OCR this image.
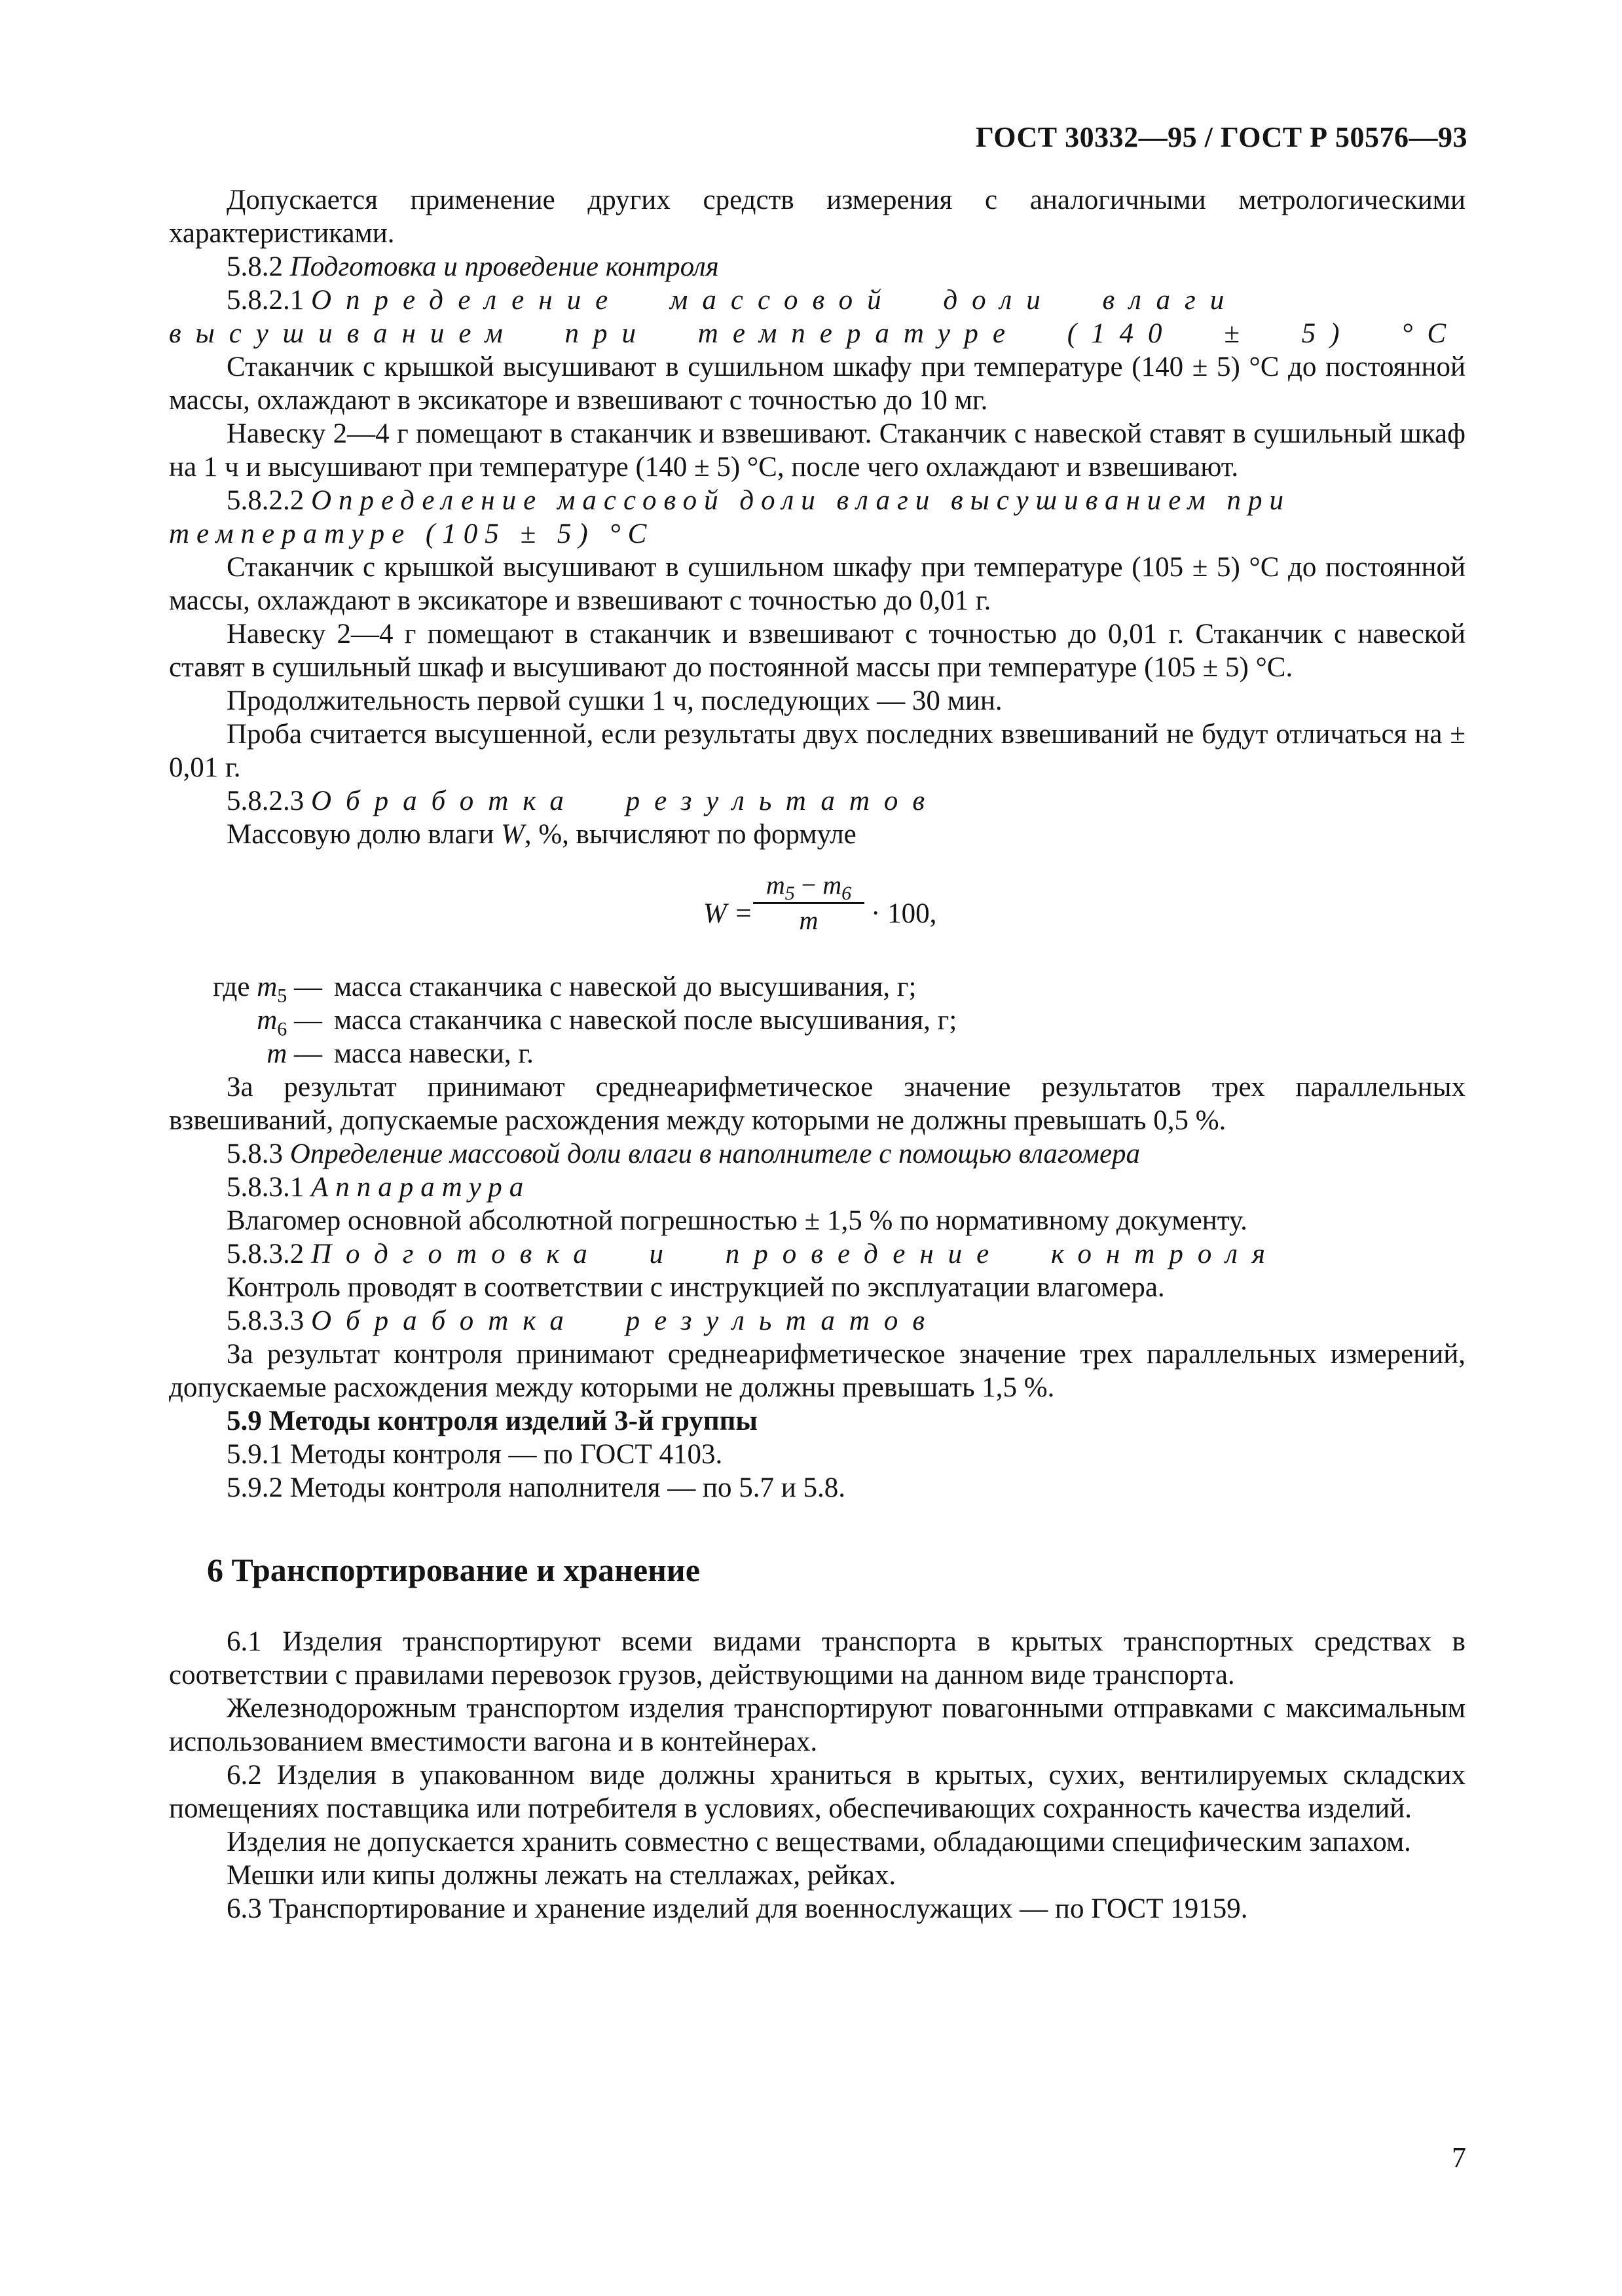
ГОСТ 30332—95 / ГОСТ Р 50576—93

Допускается применение других средств измерения с аналогичными метрологическими характеристиками.

5.8.2 Подготовка и проведение контроля

5.8.2.1 Определение массовой доли влаги высушиванием при температуре (140 ± 5) °С

Стаканчик с крышкой высушивают в сушильном шкафу при температуре (140 ± 5) °С до постоянной массы, охлаждают в эксикаторе и взвешивают с точностью до 10 мг.

Навеску 2—4 г помещают в стаканчик и взвешивают. Стаканчик с навеской ставят в сушильный шкаф на 1 ч и высушивают при температуре (140 ± 5) °С, после чего охлаждают и взвешивают.

5.8.2.2 Определение массовой доли влаги высушиванием при температуре (105 ± 5) °С

Стаканчик с крышкой высушивают в сушильном шкафу при температуре (105 ± 5) °С до постоянной массы, охлаждают в эксикаторе и взвешивают с точностью до 0,01 г.

Навеску 2—4 г помещают в стаканчик и взвешивают с точностью до 0,01 г. Стаканчик с навеской ставят в сушильный шкаф и высушивают до постоянной массы при температуре (105 ± 5) °С.

Продолжительность первой сушки 1 ч, последующих — 30 мин.

Проба считается высушенной, если результаты двух последних взвешиваний не будут отличаться на ± 0,01 г.

5.8.2.3 Обработка результатов

Массовую долю влаги W, %, вычисляют по формуле

W =
$m_5 - m_6$
m	· 100,
где $m_5$ — масса стаканчика с навеской до высушивания, г;
$m_6$ — масса стаканчика с навеской после высушивания, г;
m — масса навески, г.

За результат принимают среднеарифметическое значение результатов трех параллельных взвешиваний, допускаемые расхождения между которыми не должны превышать 0,5 %.

5.8.3 Определение массовой доли влаги в наполнителе с помощью влагомера

5.8.3.1 Аппаратура

Влагомер основной абсолютной погрешностью ± 1,5 % по нормативному документу.

5.8.3.2 Подготовка и проведение контроля

Контроль проводят в соответствии с инструкцией по эксплуатации влагомера.

5.8.3.3 Обработка результатов

За результат контроля принимают среднеарифметическое значение трех параллельных измерений, допускаемые расхождения между которыми не должны превышать 1,5 %.

5.9 Методы контроля изделий 3-й группы

5.9.1 Методы контроля — по ГОСТ 4103.

5.9.2 Методы контроля наполнителя — по 5.7 и 5.8.

6 Транспортирование и хранение

6.1 Изделия транспортируют всеми видами транспорта в крытых транспортных средствах в соответствии с правилами перевозок грузов, действующими на данном виде транспорта.

Железнодорожным транспортом изделия транспортируют повагонными отправками с максимальным использованием вместимости вагона и в контейнерах.

6.2 Изделия в упакованном виде должны храниться в крытых, сухих, вентилируемых складских помещениях поставщика или потребителя в условиях, обеспечивающих сохранность качества изделий.

Изделия не допускается хранить совместно с веществами, обладающими специфическим запахом.

Мешки или кипы должны лежать на стеллажах, рейках.

6.3 Транспортирование и хранение изделий для военнослужащих — по ГОСТ 19159.

7
